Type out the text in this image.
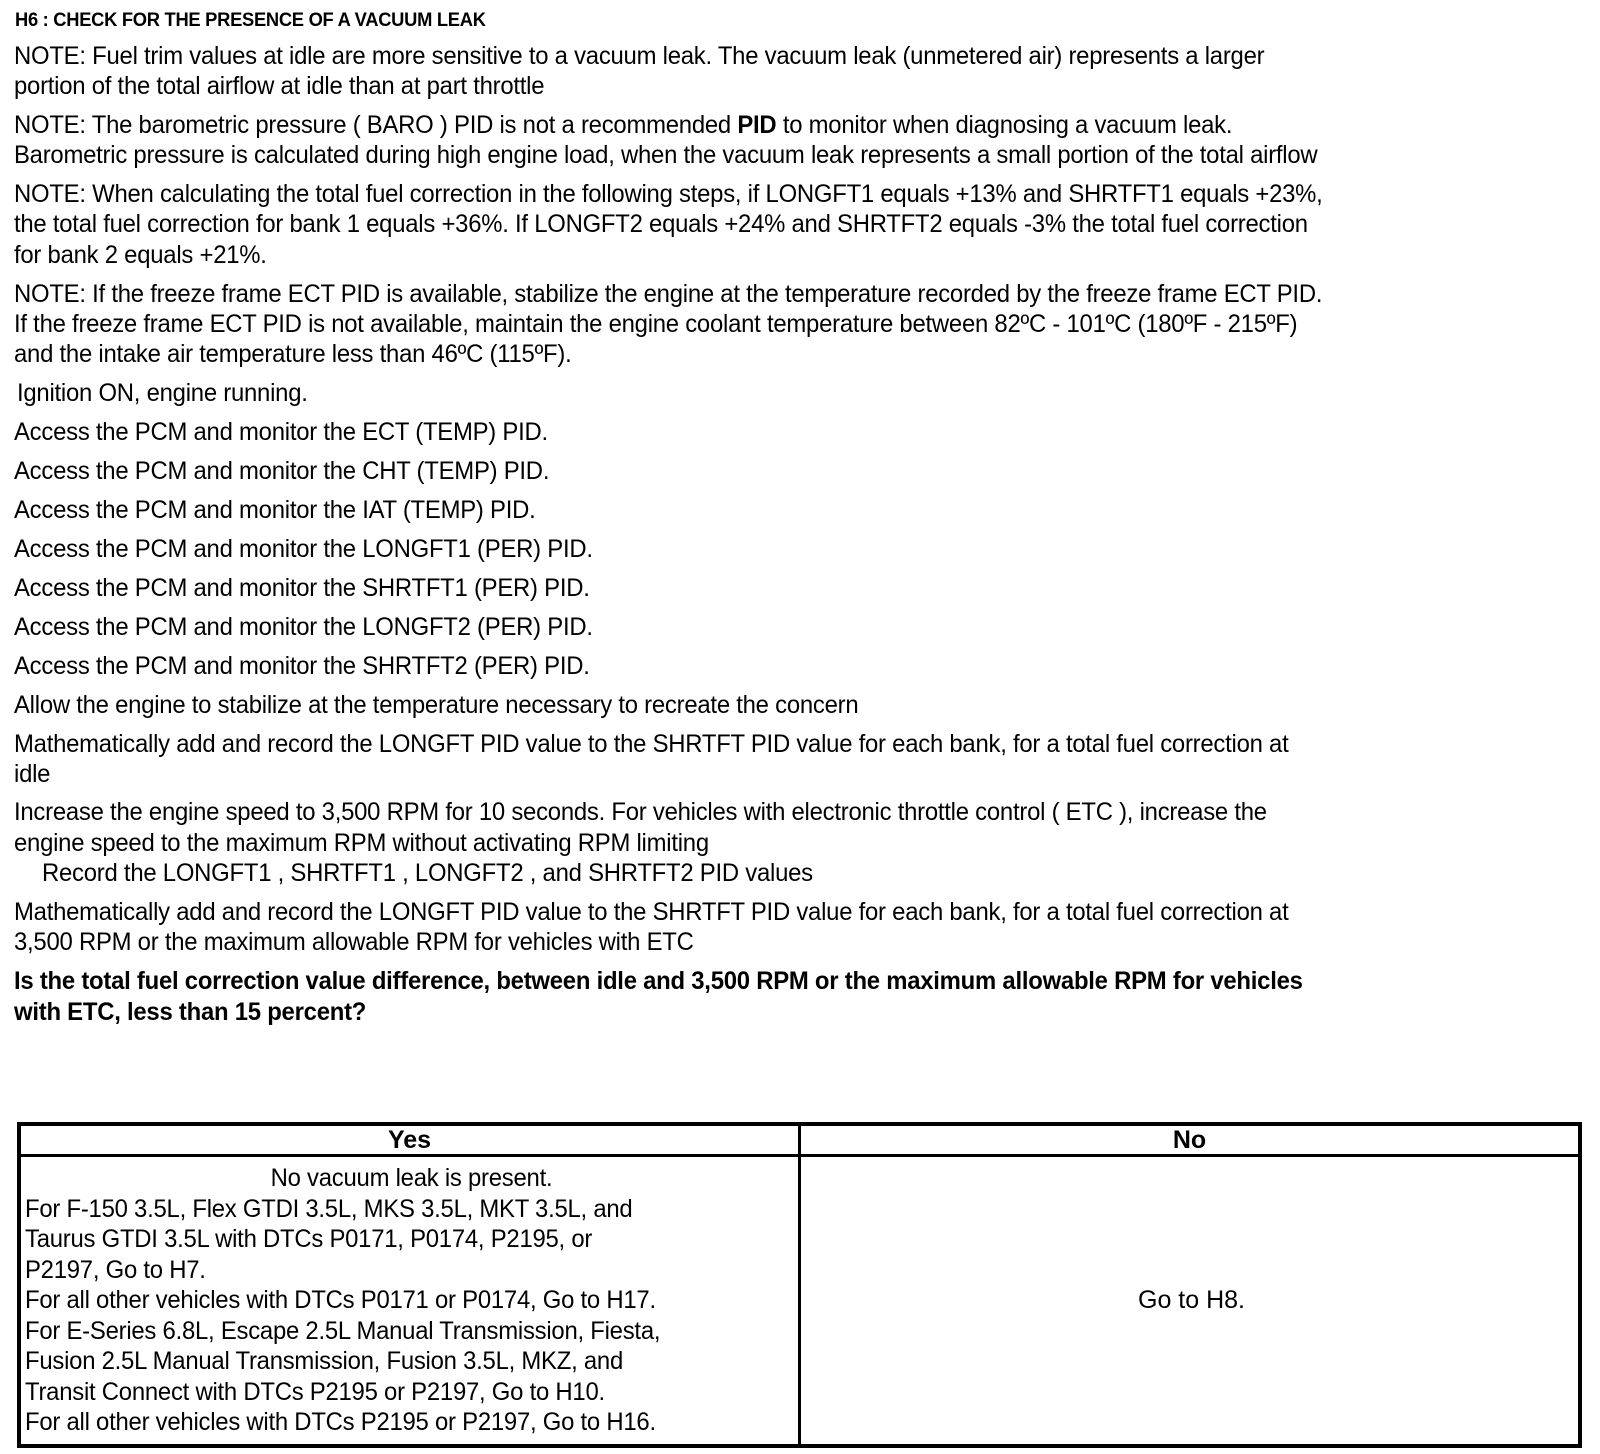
H6 : CHECK FOR THE PRESENCE OF A VACUUM LEAK
NOTE: Fuel trim values at idle are more sensitive to a vacuum leak. The vacuum leak (unmetered air) represents a larger
portion of the total airflow at idle than at part throttle
NOTE: The barometric pressure ( BARO ) PID is not a recommended PID to monitor when diagnosing a vacuum leak.
Barometric pressure is calculated during high engine load, when the vacuum leak represents a small portion of the total airflow
NOTE: When calculating the total fuel correction in the following steps, if LONGFT1 equals +13% and SHRTFT1 equals +23%,
the total fuel correction for bank 1 equals +36%. If LONGFT2 equals +24% and SHRTFT2 equals -3% the total fuel correction
for bank 2 equals +21%.
NOTE: If the freeze frame ECT PID is available, stabilize the engine at the temperature recorded by the freeze frame ECT PID.
If the freeze frame ECT PID is not available, maintain the engine coolant temperature between 82ºC - 101ºC (180ºF - 215ºF)
and the intake air temperature less than 46ºC (115ºF).
Ignition ON, engine running.
Access the PCM and monitor the ECT (TEMP) PID.
Access the PCM and monitor the CHT (TEMP) PID.
Access the PCM and monitor the IAT (TEMP) PID.
Access the PCM and monitor the LONGFT1 (PER) PID.
Access the PCM and monitor the SHRTFT1 (PER) PID.
Access the PCM and monitor the LONGFT2 (PER) PID.
Access the PCM and monitor the SHRTFT2 (PER) PID.
Allow the engine to stabilize at the temperature necessary to recreate the concern
Mathematically add and record the LONGFT PID value to the SHRTFT PID value for each bank, for a total fuel correction at
idle
Increase the engine speed to 3,500 RPM for 10 seconds. For vehicles with electronic throttle control ( ETC ), increase the
engine speed to the maximum RPM without activating RPM limiting
Record the LONGFT1 , SHRTFT1 , LONGFT2 , and SHRTFT2 PID values
Mathematically add and record the LONGFT PID value to the SHRTFT PID value for each bank, for a total fuel correction at
3,500 RPM or the maximum allowable RPM for vehicles with ETC
Is the total fuel correction value difference, between idle and 3,500 RPM or the maximum allowable RPM for vehicles
with ETC, less than 15 percent?
Yes	No

No vacuum leak is present.
For F-150 3.5L, Flex GTDI 3.5L, MKS 3.5L, MKT 3.5L, and
Taurus GTDI 3.5L with DTCs P0171, P0174, P2195, or
P2197, Go to H7.
For all other vehicles with DTCs P0171 or P0174, Go to H17.
For E-Series 6.8L, Escape 2.5L Manual Transmission, Fiesta,
Fusion 2.5L Manual Transmission, Fusion 3.5L, MKZ, and
Transit Connect with DTCs P2195 or P2197, Go to H10.
For all other vehicles with DTCs P2195 or P2197, Go to H16.
	Go to H8.
